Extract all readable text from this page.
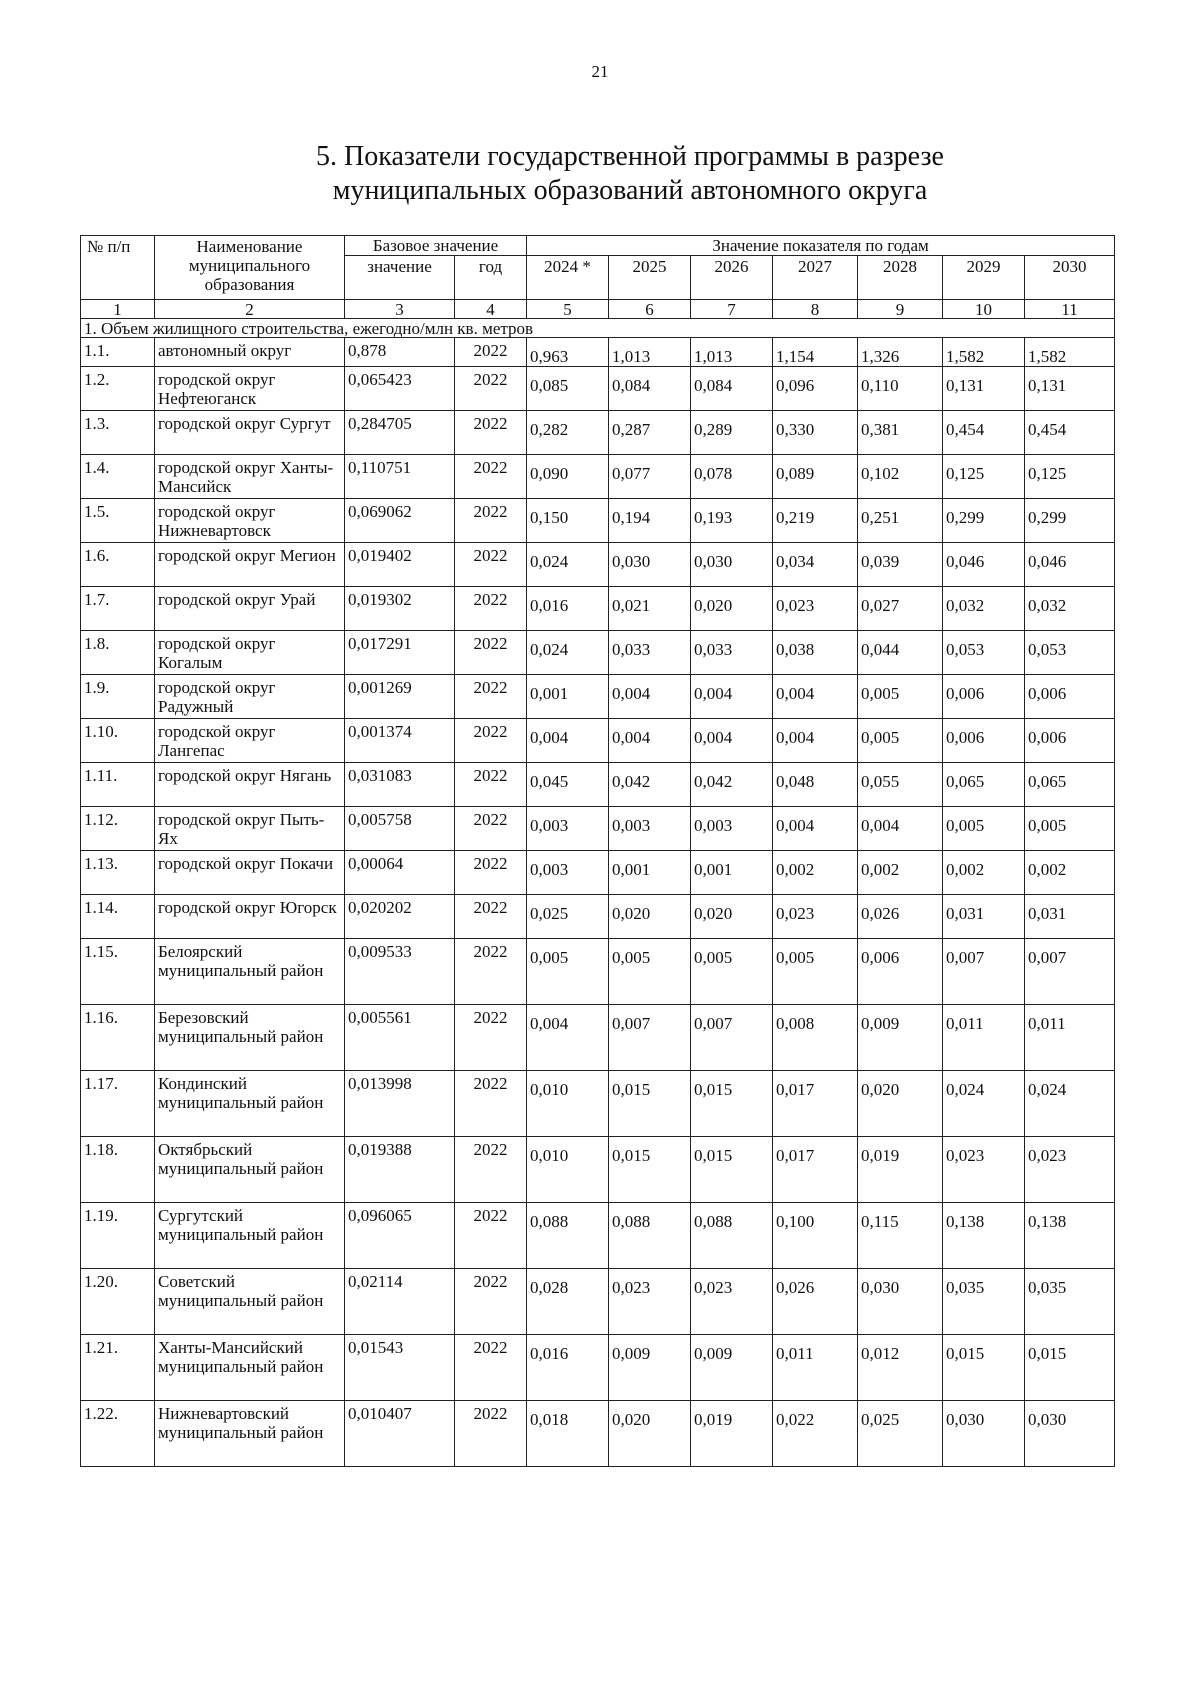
21
5. Показатели государственной программы в разрезе
муниципальных образований автономного округа
№ п/п	Наименование муниципального образования	Базовое значение		Значение показателя по годам						
		значение	год	2024 *	2025	2026	2027	2028	2029	2030
1	2	3	4	5	6	7	8	9	10	11
1. Объем жилищного строительства, ежегодно/млн кв. метров										
1.1.	автономный округ	0,878	2022	0,963	1,013	1,013	1,154	1,326	1,582	1,582
1.2.	городской округ Нефтеюганск	0,065423	2022	0,085	0,084	0,084	0,096	0,110	0,131	0,131
1.3.	городской округ Сургут	0,284705	2022	0,282	0,287	0,289	0,330	0,381	0,454	0,454
1.4.	городской округ Ханты-Мансийск	0,110751	2022	0,090	0,077	0,078	0,089	0,102	0,125	0,125
1.5.	городской округ Нижневартовск	0,069062	2022	0,150	0,194	0,193	0,219	0,251	0,299	0,299
1.6.	городской округ Мегион	0,019402	2022	0,024	0,030	0,030	0,034	0,039	0,046	0,046
1.7.	городской округ Урай	0,019302	2022	0,016	0,021	0,020	0,023	0,027	0,032	0,032
1.8.	городской округ Когалым	0,017291	2022	0,024	0,033	0,033	0,038	0,044	0,053	0,053
1.9.	городской округ Радужный	0,001269	2022	0,001	0,004	0,004	0,004	0,005	0,006	0,006
1.10.	городской округ Лангепас	0,001374	2022	0,004	0,004	0,004	0,004	0,005	0,006	0,006
1.11.	городской округ Нягань	0,031083	2022	0,045	0,042	0,042	0,048	0,055	0,065	0,065
1.12.	городской округ Пыть-Ях	0,005758	2022	0,003	0,003	0,003	0,004	0,004	0,005	0,005
1.13.	городской округ Покачи	0,00064	2022	0,003	0,001	0,001	0,002	0,002	0,002	0,002
1.14.	городской округ Югорск	0,020202	2022	0,025	0,020	0,020	0,023	0,026	0,031	0,031
1.15.	Белоярский муниципальный район	0,009533	2022	0,005	0,005	0,005	0,005	0,006	0,007	0,007
1.16.	Березовский муниципальный район	0,005561	2022	0,004	0,007	0,007	0,008	0,009	0,011	0,011
1.17.	Кондинский муниципальный район	0,013998	2022	0,010	0,015	0,015	0,017	0,020	0,024	0,024
1.18.	Октябрьский муниципальный район	0,019388	2022	0,010	0,015	0,015	0,017	0,019	0,023	0,023
1.19.	Сургутский муниципальный район	0,096065	2022	0,088	0,088	0,088	0,100	0,115	0,138	0,138
1.20.	Советский муниципальный район	0,02114	2022	0,028	0,023	0,023	0,026	0,030	0,035	0,035
1.21.	Ханты-Мансийский муниципальный район	0,01543	2022	0,016	0,009	0,009	0,011	0,012	0,015	0,015
1.22.	Нижневартовский муниципальный район	0,010407	2022	0,018	0,020	0,019	0,022	0,025	0,030	0,030
